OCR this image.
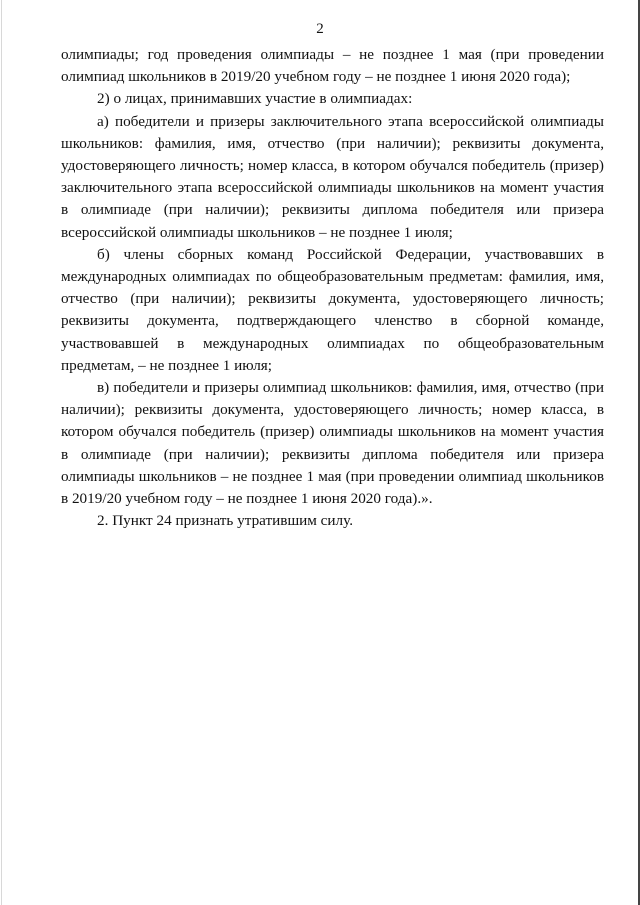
2

олимпиады; год проведения олимпиады – не позднее 1 мая (при проведении олимпиад школьников в 2019/20 учебном году – не позднее 1 июня 2020 года);

2) о лицах, принимавших участие в олимпиадах:

а) победители и призеры заключительного этапа всероссийской олимпиады школьников: фамилия, имя, отчество (при наличии); реквизиты документа, удостоверяющего личность; номер класса, в котором обучался победитель (призер) заключительного этапа всероссийской олимпиады школьников на момент участия в олимпиаде (при наличии); реквизиты диплома победителя или призера всероссийской олимпиады школьников – не позднее 1 июля;

б) члены сборных команд Российской Федерации, участвовавших в международных олимпиадах по общеобразовательным предметам: фамилия, имя, отчество (при наличии); реквизиты документа, удостоверяющего личность; реквизиты документа, подтверждающего членство в сборной команде, участвовавшей в международных олимпиадах по общеобразовательным предметам, – не позднее 1 июля;

в) победители и призеры олимпиад школьников: фамилия, имя, отчество (при наличии); реквизиты документа, удостоверяющего личность; номер класса, в котором обучался победитель (призер) олимпиады школьников на момент участия в олимпиаде (при наличии); реквизиты диплома победителя или призера олимпиады школьников – не позднее 1 мая (при проведении олимпиад школьников в 2019/20 учебном году – не позднее 1 июня 2020 года).».

2. Пункт 24 признать утратившим силу.
